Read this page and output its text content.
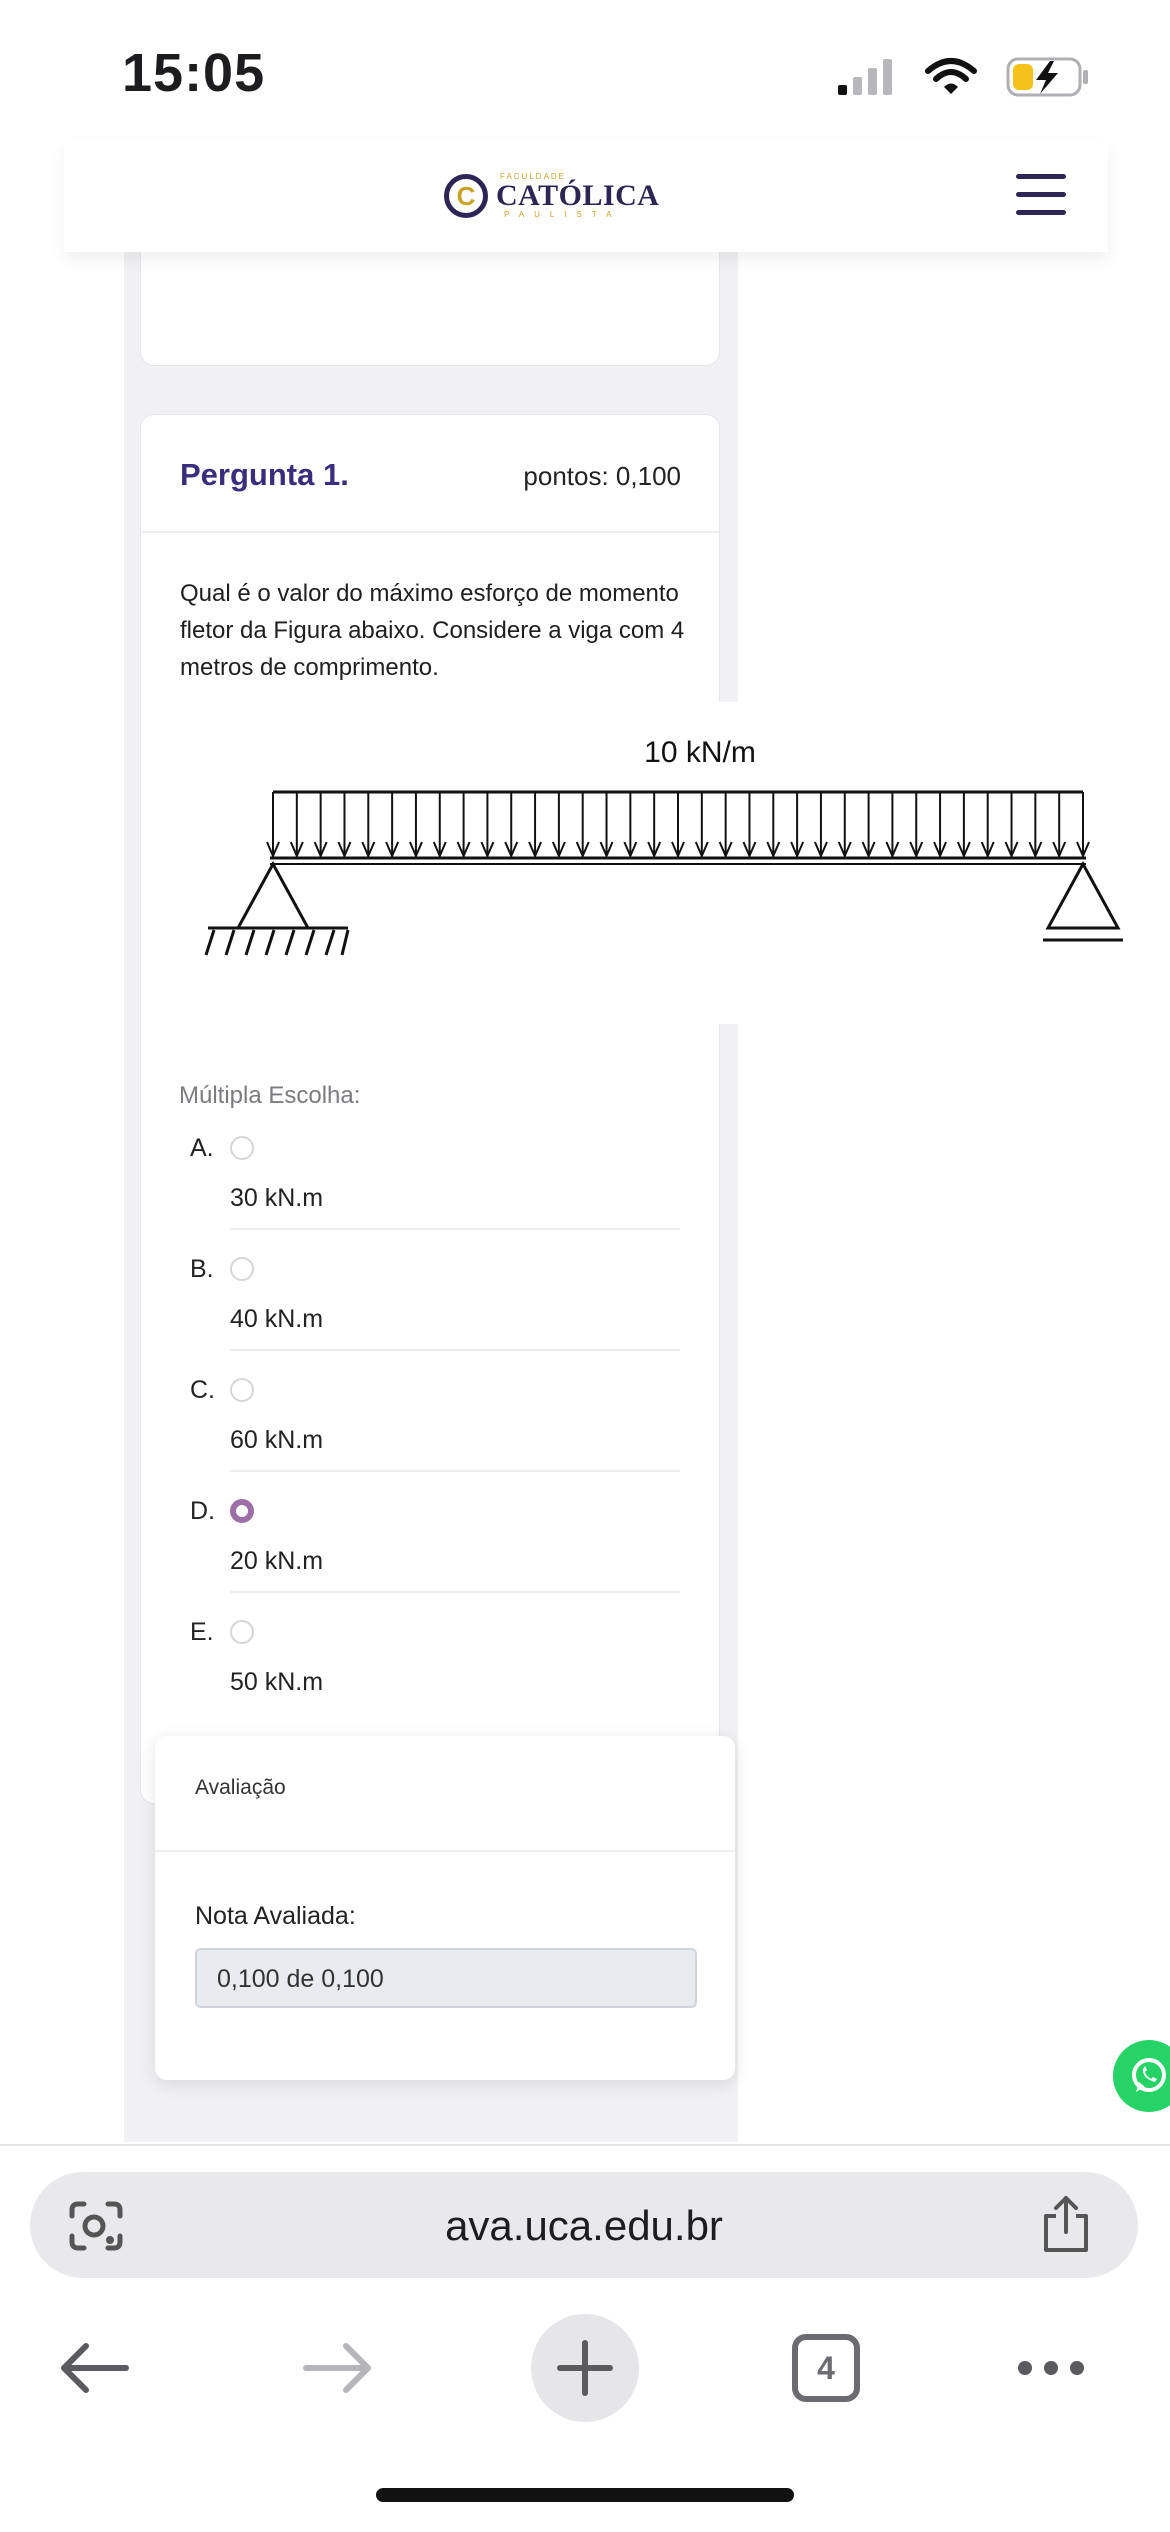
15:05
C
FACULDADE
CATÓLICA
PAULISTA
Pergunta 1.	pontos: 0,100
Qual é o valor do máximo esforço de momento fletor da Figura abaixo. Considere a viga com 4 metros de comprimento.
10 kN/m
Múltipla Escolha:
A.
30 kN.m
B.
40 kN.m
C.
60 kN.m
D.
20 kN.m
E.
50 kN.m
Avaliação
Nota Avaliada:
0,100 de 0,100
ava.uca.edu.br
4
